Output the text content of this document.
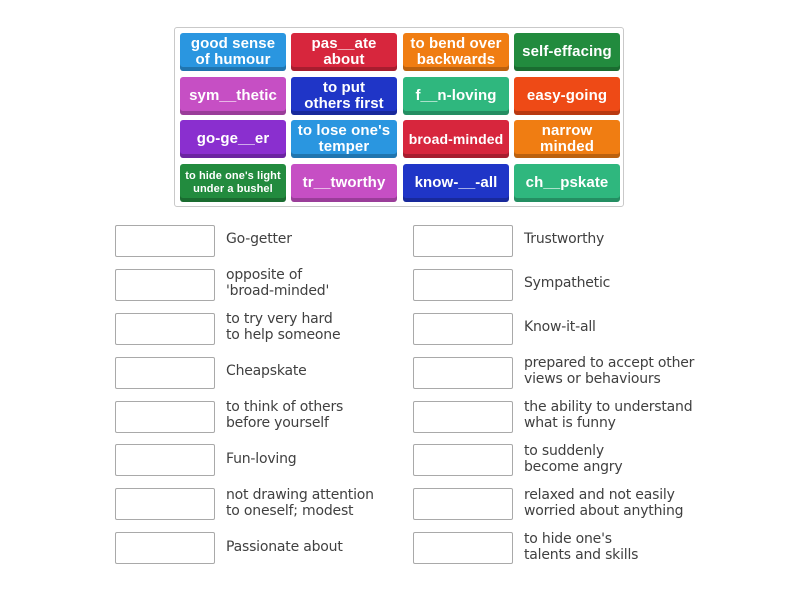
good sense
of humour
pas__ate
about
to bend over
backwards	self-effacing
sym__thetic	to put
others first	f__n-loving	easy-going
go-ge__er	to lose one's
temper	broad-minded	narrow
minded
to hide one's light
under a bushel	tr__tworthy	know-__-all	ch__pskate
Go-getter
opposite of
'broad-minded'
to try very hard
to help someone
Cheapskate
to think of others
before yourself
Fun-loving
not drawing attention
to oneself; modest
Passionate about
Trustworthy
Sympathetic
Know-it-all
prepared to accept other
views or behaviours
the ability to understand
what is funny
to suddenly
become angry
relaxed and not easily
worried about anything
to hide one's
talents and skills
